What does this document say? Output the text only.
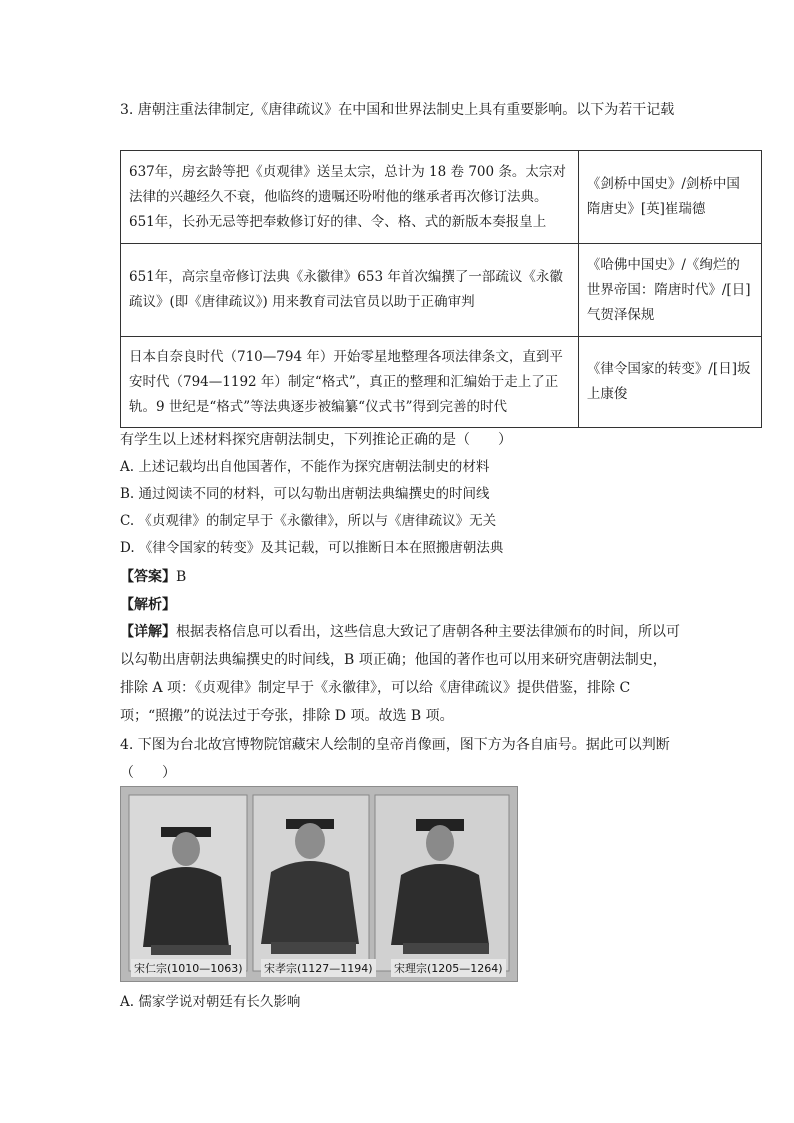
3. 唐朝注重法律制定,《唐律疏议》在中国和世界法制史上具有重要影响。以下为若干记载
637年，房玄龄等把《贞观律》送呈太宗，总计为 18 卷 700 条。太宗对法律的兴趣经久不衰，他临终的遗嘱还吩咐他的继承者再次修订法典。651年，长孙无忌等把奉敕修订好的律、令、格、式的新版本奏报皇上	《剑桥中国史》/剑桥中国隋唐史》[英]崔瑞德
651年，高宗皇帝修订法典《永徽律》653 年首次编撰了一部疏议《永徽疏议》(即《唐律疏议》) 用来教育司法官员以助于正确审判	《哈佛中国史》/《绚烂的世界帝国：隋唐时代》/[日]气贺泽保规
日本自奈良时代（710—794 年）开始零星地整理各项法律条文，直到平安时代（794—1192 年）制定“格式”，真正的整理和汇编始于走上了正轨。9 世纪是“格式”等法典逐步被编纂“仪式书”得到完善的时代	《律令国家的转变》/[日]坂上康俊
有学生以上述材料探究唐朝法制史，下列推论正确的是（　　）
A. 上述记载均出自他国著作，不能作为探究唐朝法制史的材料
B. 通过阅读不同的材料，可以勾勒出唐朝法典编撰史的时间线
C. 《贞观律》的制定早于《永徽律》，所以与《唐律疏议》无关
D. 《律令国家的转变》及其记载，可以推断日本在照搬唐朝法典
【答案】B
【解析】
【详解】根据表格信息可以看出，这些信息大致记了唐朝各种主要法律颁布的时间，所以可以勾勒出唐朝法典编撰史的时间线，B 项正确；他国的著作也可以用来研究唐朝法制史，排除 A 项：《贞观律》制定早于《永徽律》，可以给《唐律疏议》提供借鉴，排除 C 项；“照搬”的说法过于夸张，排除 D 项。故选 B 项。
4. 下图为台北故宫博物院馆藏宋人绘制的皇帝肖像画，图下方为各自庙号。据此可以判断
（　　）
宋仁宗(1010—1063) 宋孝宗(1127—1194) 宋理宗(1205—1264)
A. 儒家学说对朝廷有长久影响
